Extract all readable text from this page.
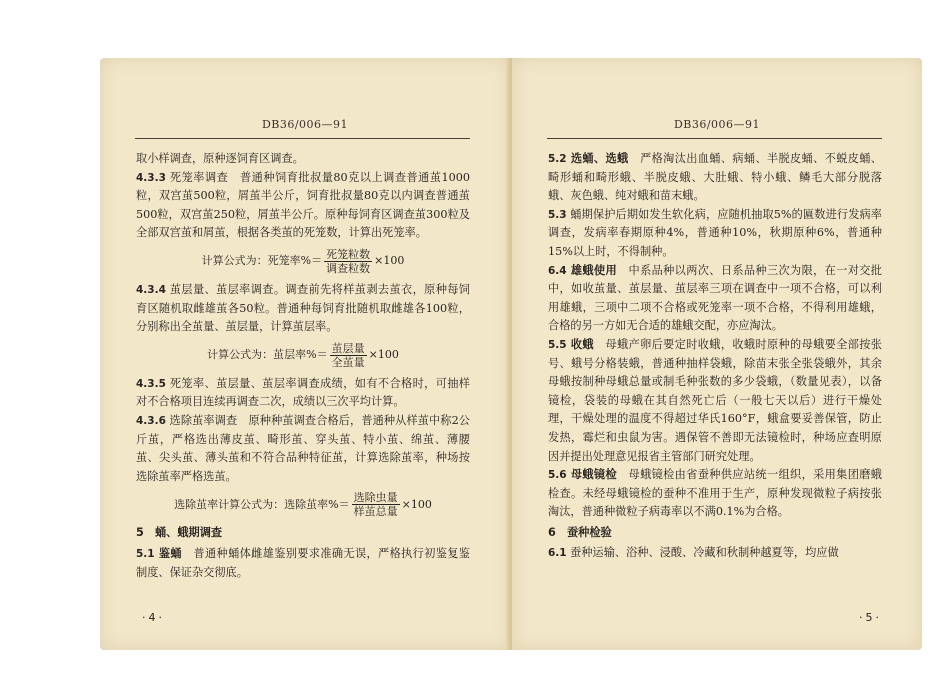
DB36/006—91

取小样调查，原种逐饲育区调查。

4.3.3 死笼率调查　普通种饲育批叔量80克以上调查普通茧1000粒，双宫茧500粒，屑茧半公斤，饲育批叔量80克以内调查普通茧500粒，双宫茧250粒，屑茧半公斤。原种每饲育区调查茧300粒及全部双宫茧和屑茧，根据各类茧的死笼数，计算出死笼率。

计算公式为：死笼率%＝ $\frac{\text{死笼粒数}}{\text{调查粒数}} \times 100$

4.3.4 茧层量、茧层率调查。调查前先将样茧剥去茧衣，原种每饲育区随机取雌雄茧各50粒。普通种每饲育批随机取雌雄各100粒，分别称出全茧量、茧层量，计算茧层率。

计算公式为：茧层率%＝ $\frac{\text{茧层量}}{\text{全茧量}} \times 100$

4.3.5 死笼率、茧层量、茧层率调查成绩，如有不合格时，可抽样对不合格项目连续再调查二次，成绩以三次平均计算。

4.3.6 选除茧率调查　原种种茧调查合格后，普通种从样茧中称2公斤茧，严格选出薄皮茧、畸形茧、穿头茧、特小茧、绵茧、薄腰茧、尖头茧、薄头茧和不符合品种特征茧，计算选除茧率，种场按选除茧率严格选茧。

选除茧率计算公式为：选除茧率%＝ $\frac{\text{选除虫量}}{\text{样茧总量}} \times 100$

5　蛹、蛾期调查

5.1 鉴蛹　普通种蛹体雌雄鉴别要求准确无误，严格执行初鉴复鉴制度、保证杂交彻底。

·4·
DB36/006—91

5.2 选蛹、选蛾　严格淘汰出血蛹、病蛹、半脱皮蛹、不蜕皮蛹、畸形蛹和畸形蛾、半脱皮蛾、大肚蛾、特小蛾、鳞毛大部分脱落蛾、灰色蛾、纯对蛾和苗末蛾。

5.3 蛹期保护后期如发生软化病，应随机抽取5%的匾数进行发病率调查，发病率春期原种4%，普通种10%，秋期原种6%，普通种15%以上时，不得制种。

6.4 雄蛾使用　中系品种以两次、日系品种三次为限，在一对交批中，如收茧量、茧层量、茧层率三项在调查中一项不合格，可以利用雄蛾，三项中二项不合格或死笼率一项不合格，不得利用雄蛾，合格的另一方如无合适的雄蛾交配，亦应淘汰。

5.5 收蛾　母蛾产卵后要定时收蛾，收蛾时原种的母蛾要全部按张号、蛾号分格装蛾，普通种抽样袋蛾，除苗末张全张袋蛾外，其余母蛾按制种母蛾总量或制毛种张数的多少袋蛾，（数量见表），以备镜检，袋装的母蛾在其自然死亡后（一般七天以后）进行干燥处理，干燥处理的温度不得超过华氏160°F，蛾盒要妥善保管，防止发热，霉烂和虫鼠为害。遇保管不善即无法镜检时，种场应查明原因并提出处理意见报省主管部门研究处理。

5.6 母蛾镜检　母蛾镜检由省蚕种供应站统一组织，采用集团磨蛾检查。未经母蛾镜检的蚕种不准用于生产，原种发现微粒子病按张淘汰，普通种微粒子病毒率以不满0.1%为合格。

6　蚕种检验

6.1 蚕种运输、浴种、浸酸、冷藏和秋制种越夏等，均应做

·5·
